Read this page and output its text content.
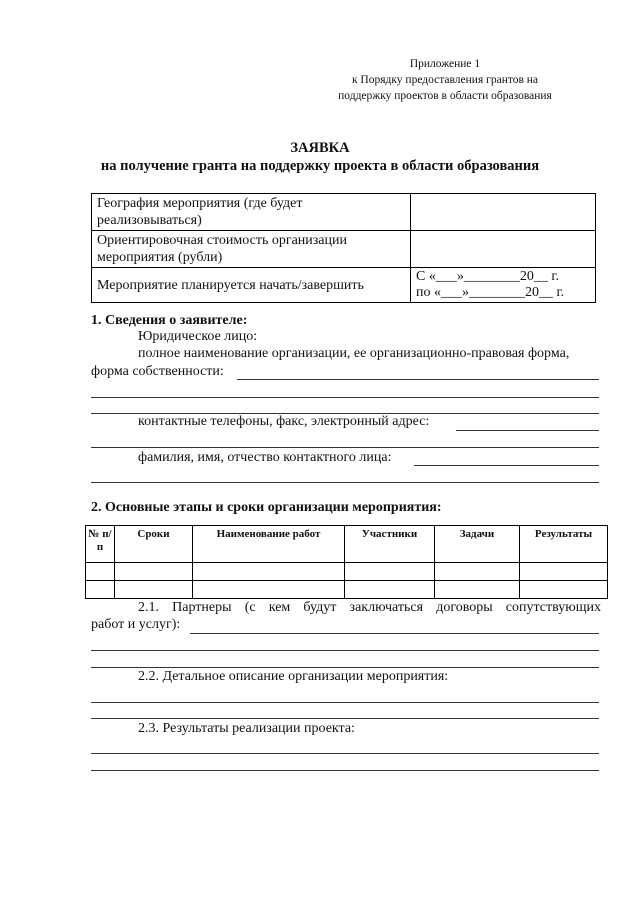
Приложение 1
к Порядку предоставления грантов на
поддержку проектов в области образования
ЗАЯВКА
на получение гранта на поддержку проекта в области образования
География мероприятия (где будет реализовываться)	
Ориентировочная стоимость организации мероприятия (рубли)	
Мероприятие планируется начать/завершить	С «___»________20__ г.
по «___»________20__ г.
1. Сведения о заявителе:
Юридическое лицо:
полное наименование организации, ее организационно-правовая форма,
форма собственности:
контактные телефоны, факс, электронный адрес:
фамилия, имя, отчество контактного лица:
2. Основные этапы и сроки организации мероприятия:
№ п/п	Сроки	Наименование работ	Участники	Задачи	Результаты

2.1. Партнеры (с кем будут заключаться договоры сопутствующих
работ и услуг):
2.2. Детальное описание организации мероприятия:
2.3. Результаты реализации проекта:
